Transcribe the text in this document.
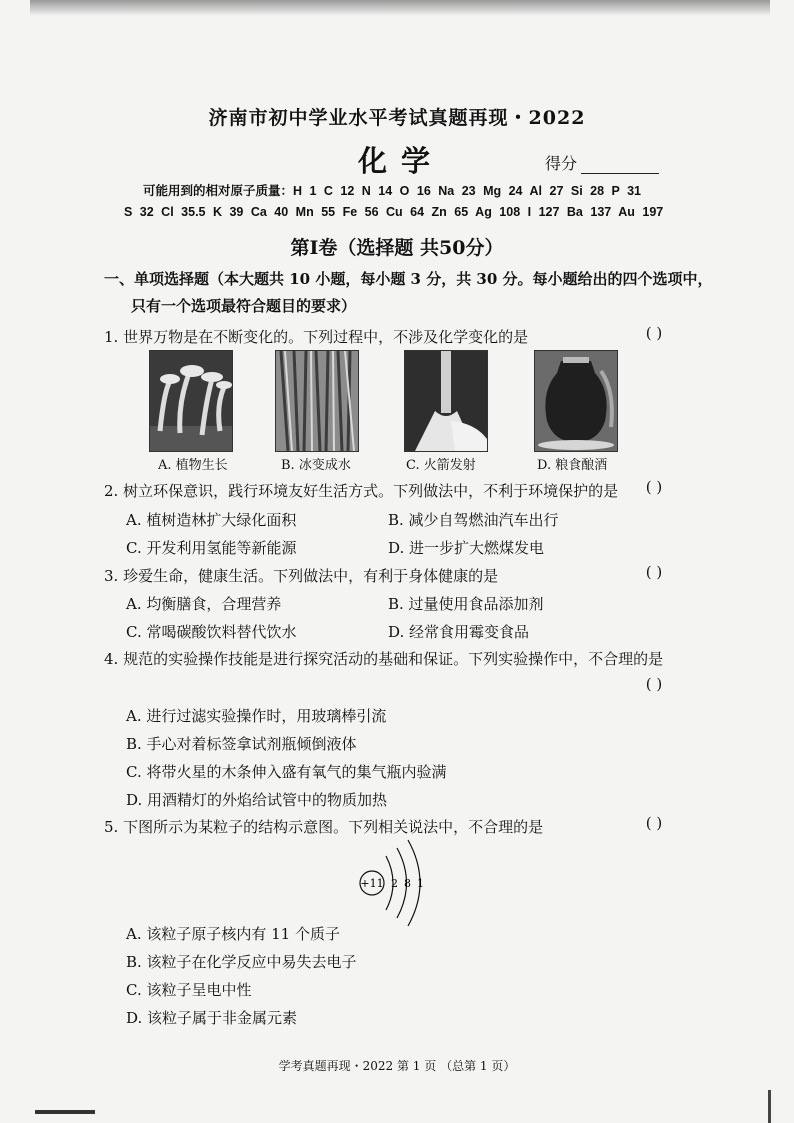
济南市初中学业水平考试真题再现・2022
化学	得分
可能用到的相对原子质量：H 1 C 12 N 14 O 16 Na 23 Mg 24 Al 27 Si 28 P 31
S 32 Cl 35.5 K 39 Ca 40 Mn 55 Fe 56 Cu 64 Zn 65 Ag 108 I 127 Ba 137 Au 197
第Ⅰ卷（选择题 共50分）
一、单项选择题（本大题共 10 小题，每小题 3 分，共 30 分。每小题给出的四个选项中，
只有一个选项最符合题目的要求）
1. 世界万物是在不断变化的。下列过程中，不涉及化学变化的是	( )
A. 植物生长	B. 冰变成水	C. 火箭发射	D. 粮食酿酒
2. 树立环保意识，践行环境友好生活方式。下列做法中，不利于环境保护的是	( )
A. 植树造林扩大绿化面积	B. 减少自驾燃油汽车出行
C. 开发利用氢能等新能源	D. 进一步扩大燃煤发电
3. 珍爱生命，健康生活。下列做法中，有利于身体健康的是	( )
A. 均衡膳食，合理营养	B. 过量使用食品添加剂
C. 常喝碳酸饮料替代饮水	D. 经常食用霉变食品
4. 规范的实验操作技能是进行探究活动的基础和保证。下列实验操作中，不合理的是
( )
A. 进行过滤实验操作时，用玻璃棒引流
B. 手心对着标签拿试剂瓶倾倒液体
C. 将带火星的木条伸入盛有氧气的集气瓶内验满
D. 用酒精灯的外焰给试管中的物质加热
5. 下图所示为某粒子的结构示意图。下列相关说法中，不合理的是	( )
+11 2 8 1
A. 该粒子原子核内有 11 个质子
B. 该粒子在化学反应中易失去电子
C. 该粒子呈电中性
D. 该粒子属于非金属元素
学考真题再现・2022 第 1 页 （总第 1 页）
